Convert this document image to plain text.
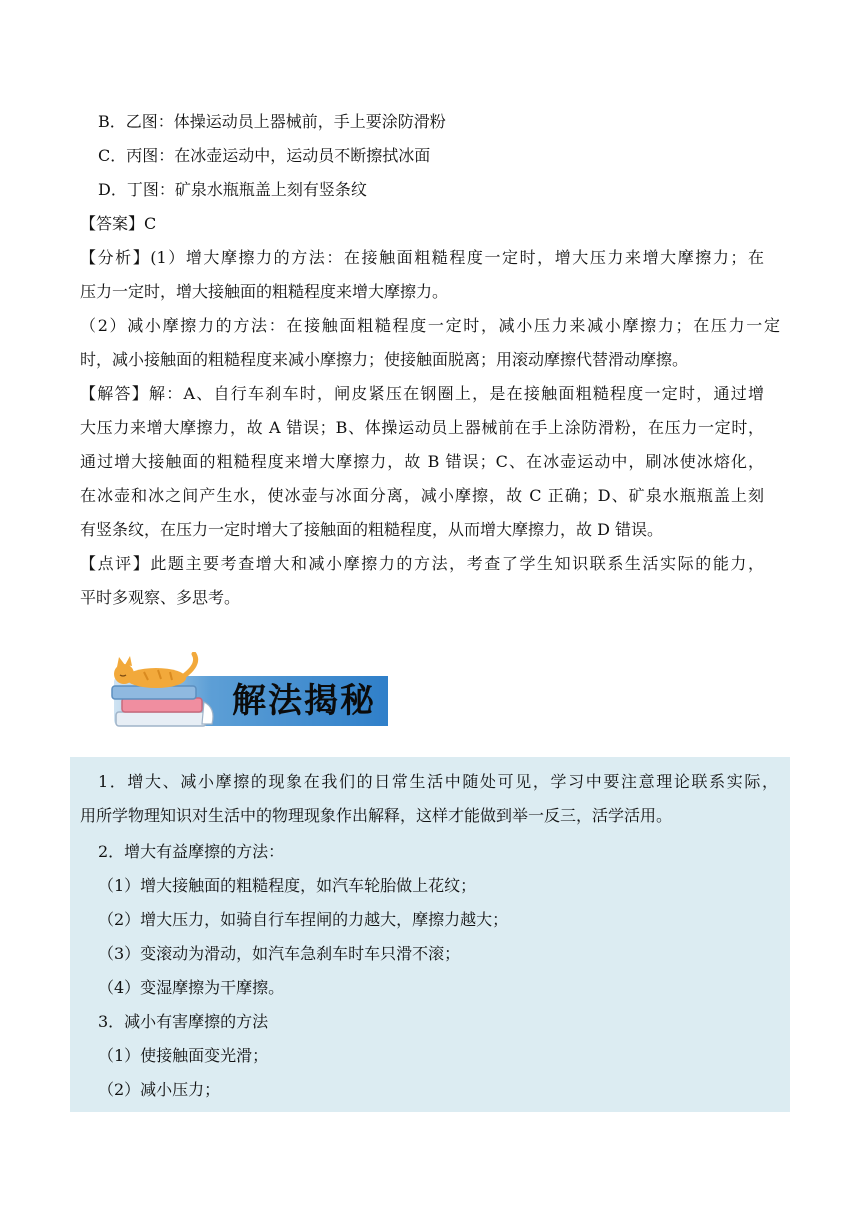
B．乙图：体操运动员上器械前，手上要涂防滑粉
C．丙图：在冰壶运动中，运动员不断擦拭冰面
D．丁图：矿泉水瓶瓶盖上刻有竖条纹
【答案】C
【分析】(1）增大摩擦力的方法：在接触面粗糙程度一定时，增大压力来增大摩擦力；在
压力一定时，增大接触面的粗糙程度来增大摩擦力。
（2）减小摩擦力的方法：在接触面粗糙程度一定时，减小压力来减小摩擦力；在压力一定
时，减小接触面的粗糙程度来减小摩擦力；使接触面脱离；用滚动摩擦代替滑动摩擦。
【解答】解：A、自行车刹车时，闸皮紧压在钢圈上，是在接触面粗糙程度一定时，通过增
大压力来增大摩擦力，故 A 错误；B、体操运动员上器械前在手上涂防滑粉，在压力一定时，
通过增大接触面的粗糙程度来增大摩擦力，故 B 错误；C、在冰壶运动中，刷冰使冰熔化，
在冰壶和冰之间产生水，使冰壶与冰面分离，减小摩擦，故 C 正确；D、矿泉水瓶瓶盖上刻
有竖条纹，在压力一定时增大了接触面的粗糙程度，从而增大摩擦力，故 D 错误。
【点评】此题主要考查增大和减小摩擦力的方法，考查了学生知识联系生活实际的能力，
平时多观察、多思考。
解法揭秘
1．增大、减小摩擦的现象在我们的日常生活中随处可见，学习中要注意理论联系实际，
用所学物理知识对生活中的物理现象作出解释，这样才能做到举一反三，活学活用。
2．增大有益摩擦的方法：
（1）增大接触面的粗糙程度，如汽车轮胎做上花纹；
（2）增大压力，如骑自行车捏闸的力越大，摩擦力越大；
（3）变滚动为滑动，如汽车急刹车时车只滑不滚；
（4）变湿摩擦为干摩擦。
3．减小有害摩擦的方法
（1）使接触面变光滑；
（2）减小压力；
